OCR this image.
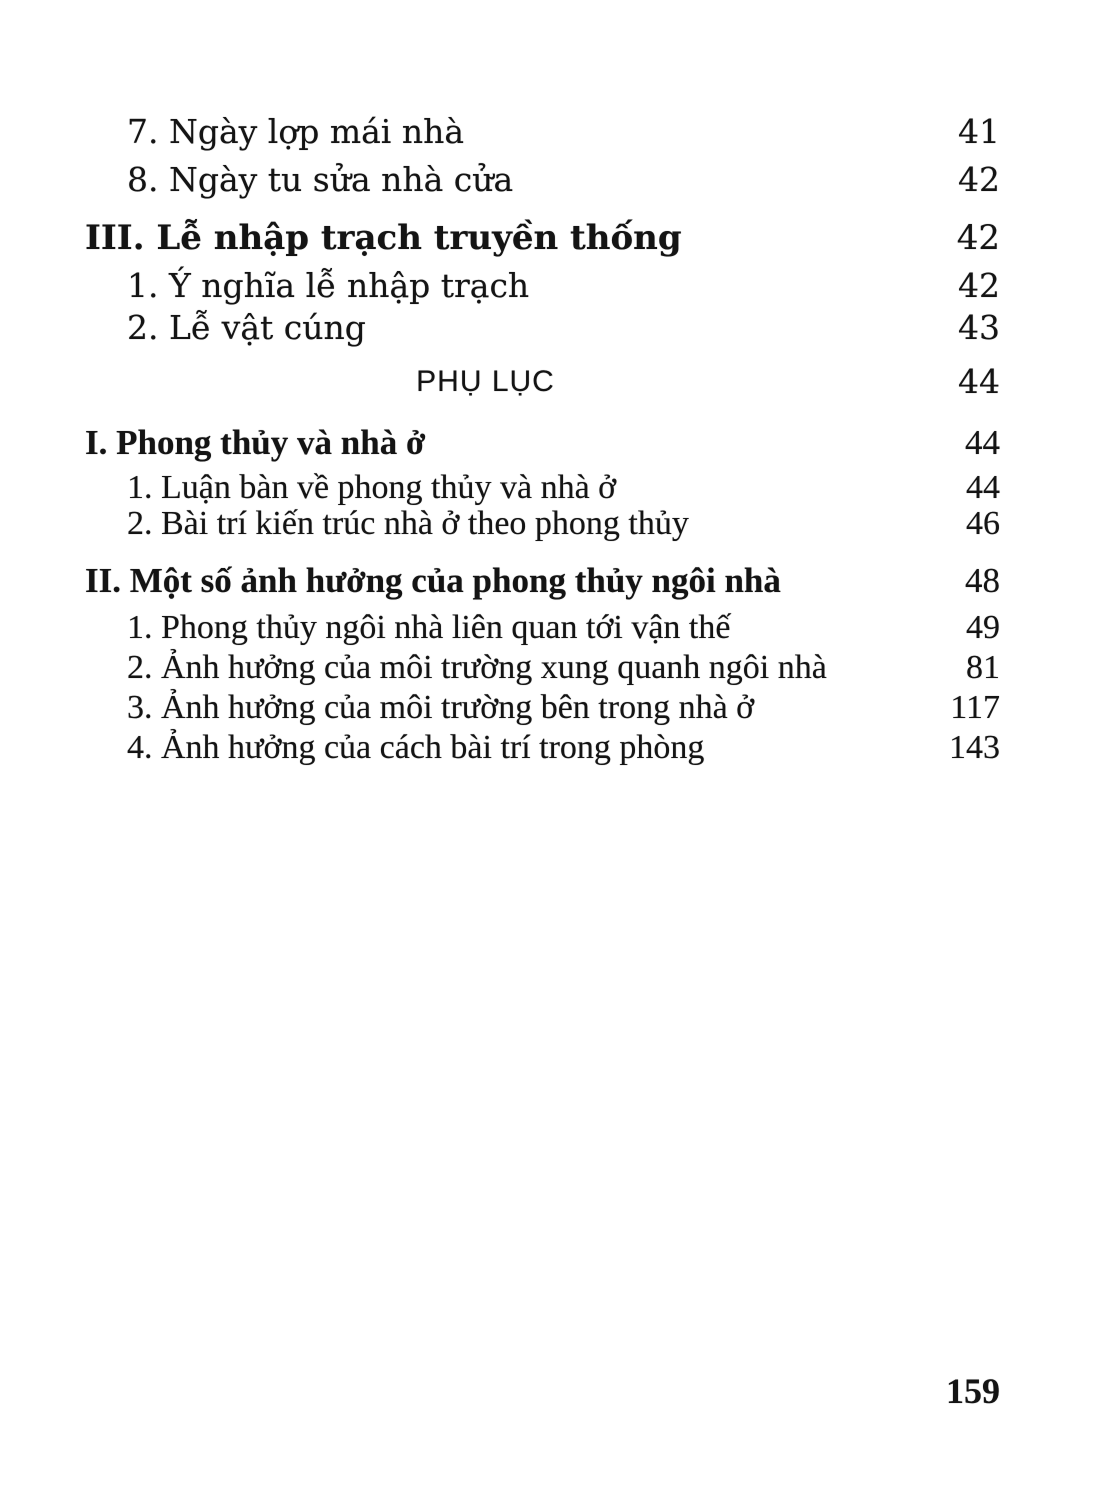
7. Ngày lợp mái nhà	41
8. Ngày tu sửa nhà cửa	42
III. Lễ nhập trạch truyền thống	42
1. Ý nghĩa lễ nhập trạch	42
2. Lễ vật cúng	43
PHỤ LỤC	44
I. Phong thủy và nhà ở	44
1. Luận bàn về phong thủy và nhà ở	44
2. Bài trí kiến trúc nhà ở theo phong thủy	46
II. Một số ảnh hưởng của phong thủy ngôi nhà	48
1. Phong thủy ngôi nhà liên quan tới vận thế	49
2. Ảnh hưởng của môi trường xung quanh ngôi nhà	81
3. Ảnh hưởng của môi trường bên trong nhà ở	117
4. Ảnh hưởng của cách bài trí trong phòng	143
159
